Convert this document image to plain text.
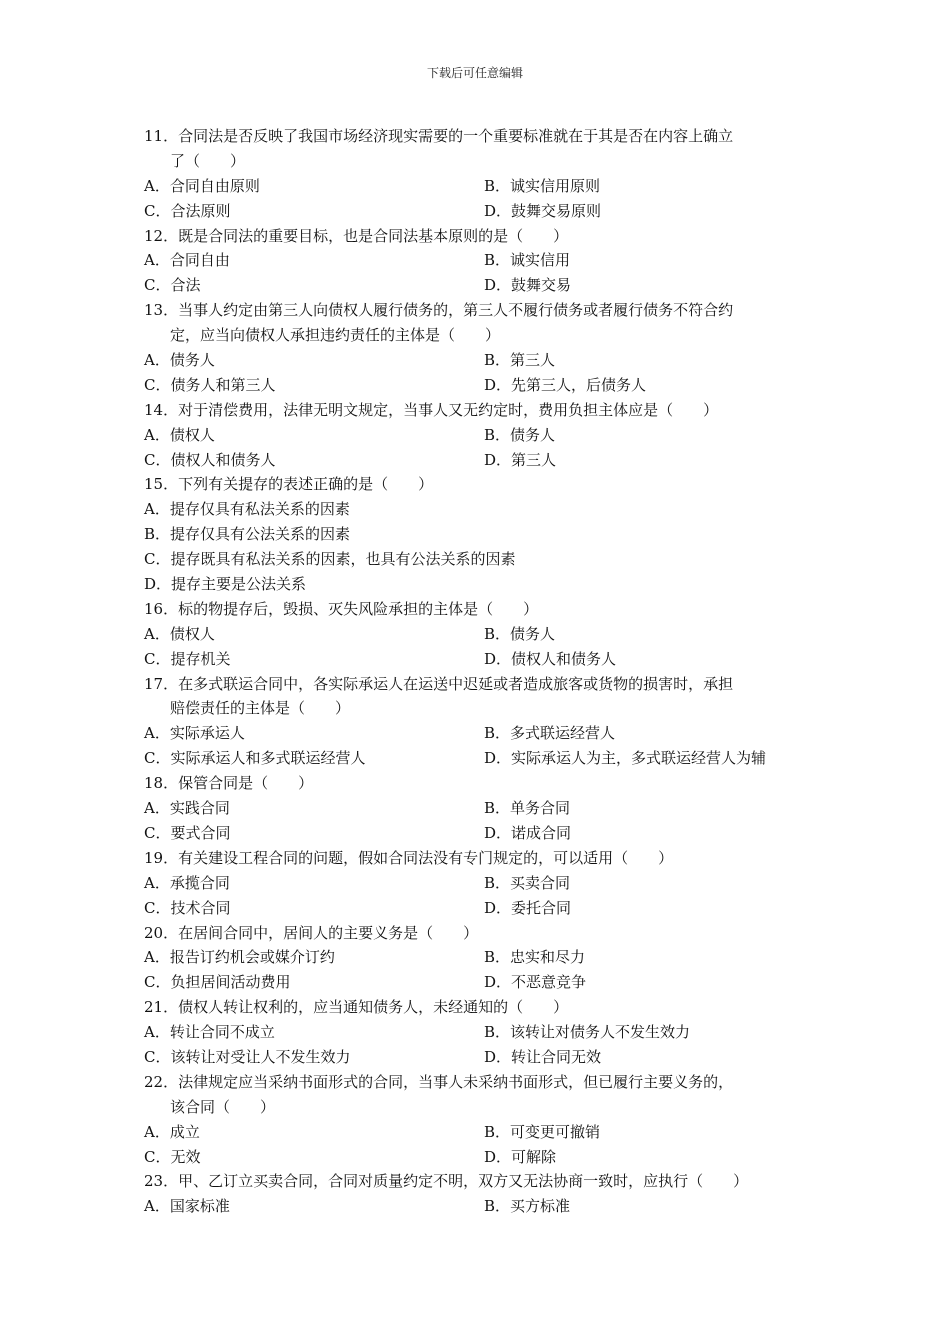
下载后可任意编辑
11．合同法是否反映了我国市场经济现实需要的一个重要标准就在于其是否在内容上确立
了（　　）
A．合同自由原则	B．诚实信用原则
C．合法原则	D．鼓舞交易原则
12．既是合同法的重要目标，也是合同法基本原则的是（　　）
A．合同自由	B．诚实信用
C．合法	D．鼓舞交易
13．当事人约定由第三人向债权人履行债务的，第三人不履行债务或者履行债务不符合约
定，应当向债权人承担违约责任的主体是（　　）
A．债务人	B．第三人
C．债务人和第三人	D．先第三人，后债务人
14．对于清偿费用，法律无明文规定，当事人又无约定时，费用负担主体应是（　　）
A．债权人	B．债务人
C．债权人和债务人	D．第三人
15．下列有关提存的表述正确的是（　　）
A．提存仅具有私法关系的因素
B．提存仅具有公法关系的因素
C．提存既具有私法关系的因素，也具有公法关系的因素
D．提存主要是公法关系
16．标的物提存后，毁损、灭失风险承担的主体是（　　）
A．债权人	B．债务人
C．提存机关	D．债权人和债务人
17．在多式联运合同中，各实际承运人在运送中迟延或者造成旅客或货物的损害时，承担
赔偿责任的主体是（　　）
A．实际承运人	B．多式联运经营人
C．实际承运人和多式联运经营人	D．实际承运人为主，多式联运经营人为辅
18．保管合同是（　　）
A．实践合同	B．单务合同
C．要式合同	D．诺成合同
19．有关建设工程合同的问题，假如合同法没有专门规定的，可以适用（　　）
A．承揽合同	B．买卖合同
C．技术合同	D．委托合同
20．在居间合同中，居间人的主要义务是（　　）
A．报告订约机会或媒介订约	B．忠实和尽力
C．负担居间活动费用	D．不恶意竞争
21．债权人转让权利的，应当通知债务人，未经通知的（　　）
A．转让合同不成立	B．该转让对债务人不发生效力
C．该转让对受让人不发生效力	D．转让合同无效
22．法律规定应当采纳书面形式的合同，当事人未采纳书面形式，但已履行主要义务的，
该合同（　　）
A．成立	B．可变更可撤销
C．无效	D．可解除
23．甲、乙订立买卖合同，合同对质量约定不明，双方又无法协商一致时，应执行（　　）
A．国家标准	B．买方标准
